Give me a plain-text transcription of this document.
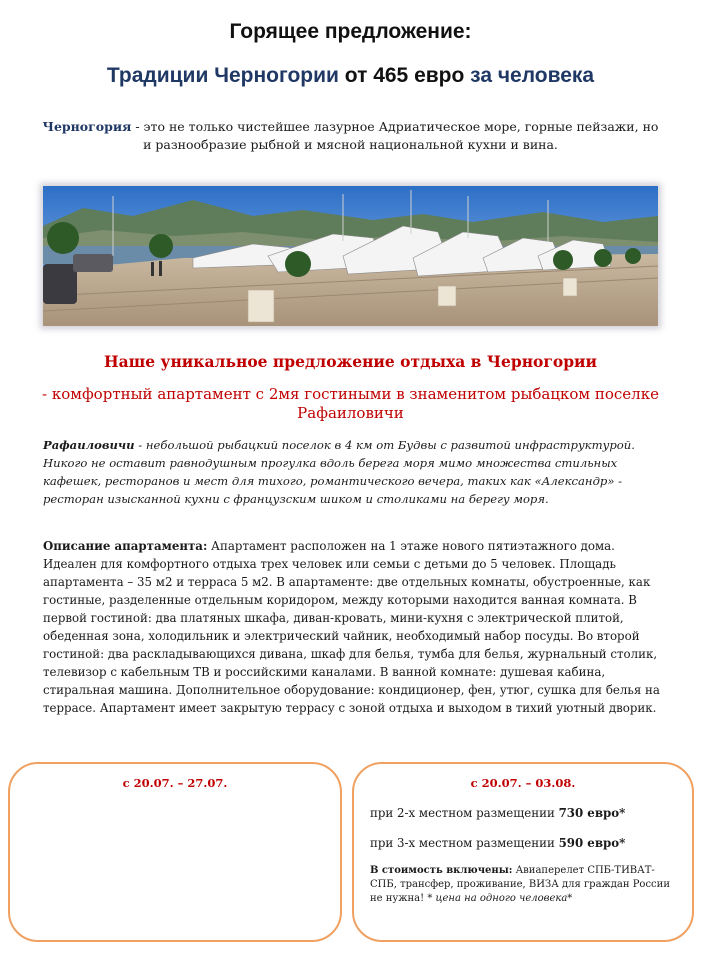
Горящее предложение:
Традиции Черногории от 465 евро за человека
Черногория - это не только чистейшее лазурное Адриатическое море, горные пейзажи, но и разнообразие рыбной и мясной национальной кухни и вина.
Наше уникальное предложение отдыха в Черногории
- комфортный апартамент с 2мя гостиными в знаменитом рыбацком поселке Рафаиловичи
Рафаиловичи - небольшой рыбацкий поселок в 4 км от Будвы с развитой инфраструктурой. Никого не оставит равнодушным прогулка вдоль берега моря мимо множества стильных кафешек, ресторанов и мест для тихого, романтического вечера, таких как «Александр» - ресторан изысканной кухни с французским шиком и столиками на берегу моря.
Описание апартамента: Апартамент расположен на 1 этаже нового пятиэтажного дома. Идеален для комфортного отдыха трех человек или семьи с детьми до 5 человек. Площадь апартамента – 35 м2 и терраса 5 м2. В апартаменте: две отдельных комнаты, обустроенные, как гостиные, разделенные отдельным коридором, между которыми находится ванная комната. В первой гостиной: два платяных шкафа, диван-кровать, мини-кухня с электрической плитой, обеденная зона, холодильник и электрический чайник, необходимый набор посуды. Во второй гостиной: два раскладывающихся дивана, шкаф для белья, тумба для белья, журнальный столик, телевизор с кабельным ТВ и российскими каналами. В ванной комнате: душевая кабина, стиральная машина. Дополнительное оборудование: кондиционер, фен, утюг, сушка для белья на террасе. Апартамент имеет закрытую террасу с зоной отдыха и выходом в тихий уютный дворик.
с 20.07. – 27.07.	с 20.07. – 03.08.
при 2-х местном размещении 730 евро*
при 3-х местном размещении 590 евро*
В стоимость включены: Авиаперелет СПБ-ТИВАТ-СПБ, трансфер, проживание, ВИЗА для граждан России не нужна! * цена на одного человека*
